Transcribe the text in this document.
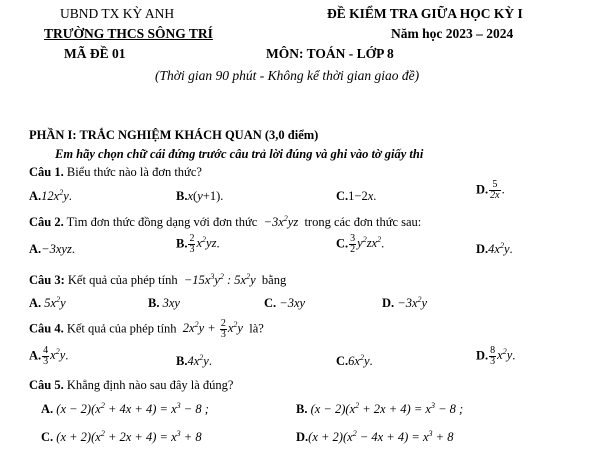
UBND TX KỲ ANH	ĐỀ KIỂM TRA GIỮA HỌC KỲ I
TRƯỜNG THCS SÔNG TRÍ	Năm học 2023 – 2024
MÃ ĐỀ 01	MÔN: TOÁN - LỚP 8
(Thời gian 90 phút - Không kể thời gian giao đề)
PHẦN I: TRẮC NGHIỆM KHÁCH QUAN (3,0 điểm)
Em hãy chọn chữ cái đứng trước câu trả lời đúng và ghi vào tờ giấy thi
Câu 1. Biểu thức nào là đơn thức?
$A.12x^2y$.	B.x(y+1).	C.1−2x.	D. $\frac{5}{2x}$ .
Câu 2. Tìm đơn thức đồng dạng với đơn thức  $-3x^2yz$  trong các đơn thức sau:
A.−3xyz.	B. $\frac{2}{3} x^2yz$.	C. $\frac{3}{2} y^2zx^2$.	$D.4x^2y$.
Câu 3: Kết quả của phép tính  $-15x^3y^2$ : $5x^2y$  bằng
A. $5x^2y$	B. 3xy	C. −3xy	D. $-3x^2y$
Câu 4. Kết quả của phép tính  $2x^2y + \frac{2}{3} x^2y$  là?
A. $\frac{4}{3} x^2y$.	$B.4x^2y$.	$C.6x^2y$.	D. $\frac{8}{3} x^2y$.
Câu 5. Khẳng định nào sau đây là đúng?
A. $(x - 2)(x^2 + 4x + 4) = x^3 - 8$ ;	B. $(x - 2)(x^2 + 2x + 4) = x^3 - 8$ ;
C. $(x + 2)(x^2 + 2x + 4) = x^3 + 8$	$D.(x + 2)(x^2 - 4x + 4) = x^3 + 8$
